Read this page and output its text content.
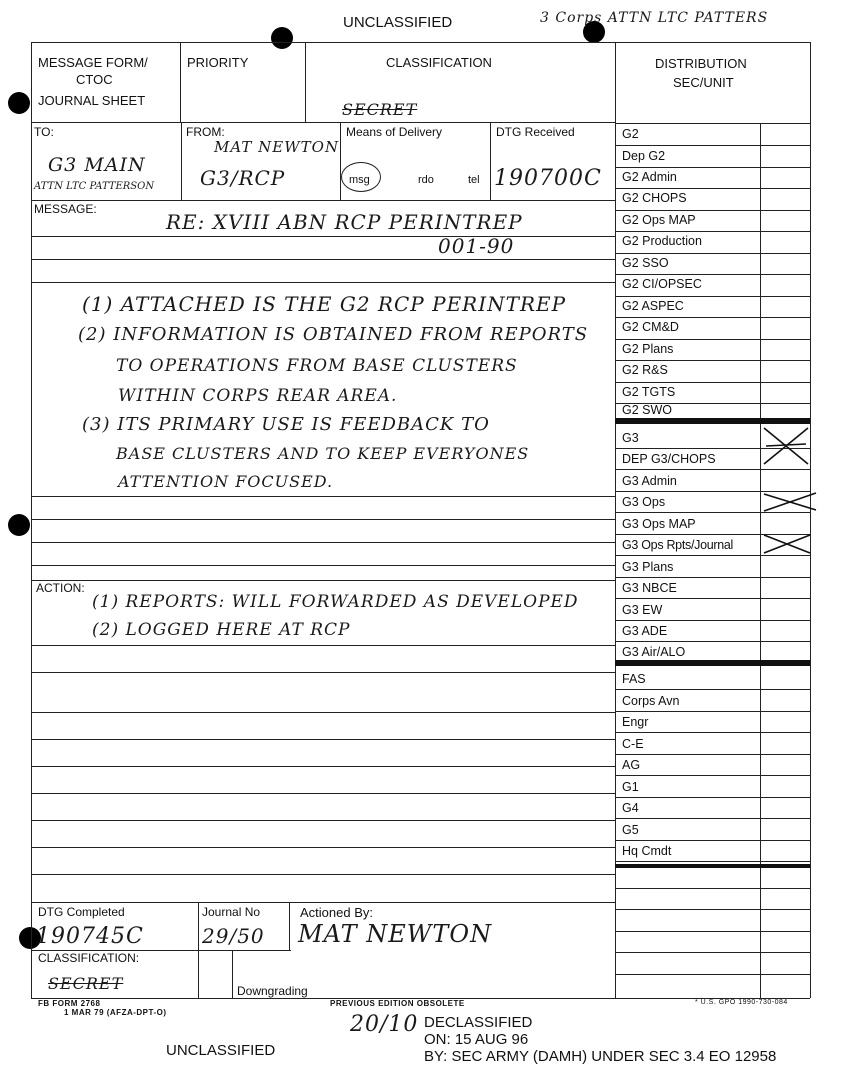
UNCLASSIFIED	3 Corps ATTN LTC PATTERS
MESSAGE FORM/
CTOC
JOURNAL SHEET
PRIORITY	CLASSIFICATION
SECRET
DISTRIBUTION
SEC/UNIT
TO:
G3 MAIN
ATTN LTC PATTERSON
FROM:
MAT NEWTON
G3/RCP
Means of Delivery
msg	rdo	tel
DTG Received
190700C
MESSAGE:
RE: XVIII ABN RCP PERINTREP
001-90
(1) ATTACHED IS THE G2 RCP PERINTREP
(2) INFORMATION IS OBTAINED FROM REPORTS
TO OPERATIONS FROM BASE CLUSTERS
WITHIN CORPS REAR AREA.
(3) ITS PRIMARY USE IS FEEDBACK TO
BASE CLUSTERS AND TO KEEP EVERYONES
ATTENTION FOCUSED.
ACTION:
(1) REPORTS: WILL FORWARDED AS DEVELOPED
(2) LOGGED HERE AT RCP
DTG Completed
190745C
Journal No
29/50
Actioned By:
MAT NEWTON
CLASSIFICATION:
SECRET	Downgrading
G2
Dep G2
G2 Admin
G2 CHOPS
G2 Ops MAP
G2 Production
G2 SSO
G2 CI/OPSEC
G2 ASPEC
G2 CM&D
G2 Plans
G2 R&S
G2 TGTS
G2 SWO
G3
DEP G3/CHOPS
G3 Admin
G3 Ops
G3 Ops MAP
G3 Ops Rpts/Journal
G3 Plans
G3 NBCE
G3 EW
G3 ADE
G3 Air/ALO
FAS
Corps Avn
Engr
C-E
AG
G1
G4
G5
Hq Cmdt
FB FORM 2768
1 MAR 79 (AFZA-DPT-O)
PREVIOUS EDITION OBSOLETE	* U.S. GPO 1990-730-084
20/10 DECLASSIFIED
ON: 15 AUG 96
BY: SEC ARMY (DAMH) UNDER SEC 3.4 EO 12958
UNCLASSIFIED
